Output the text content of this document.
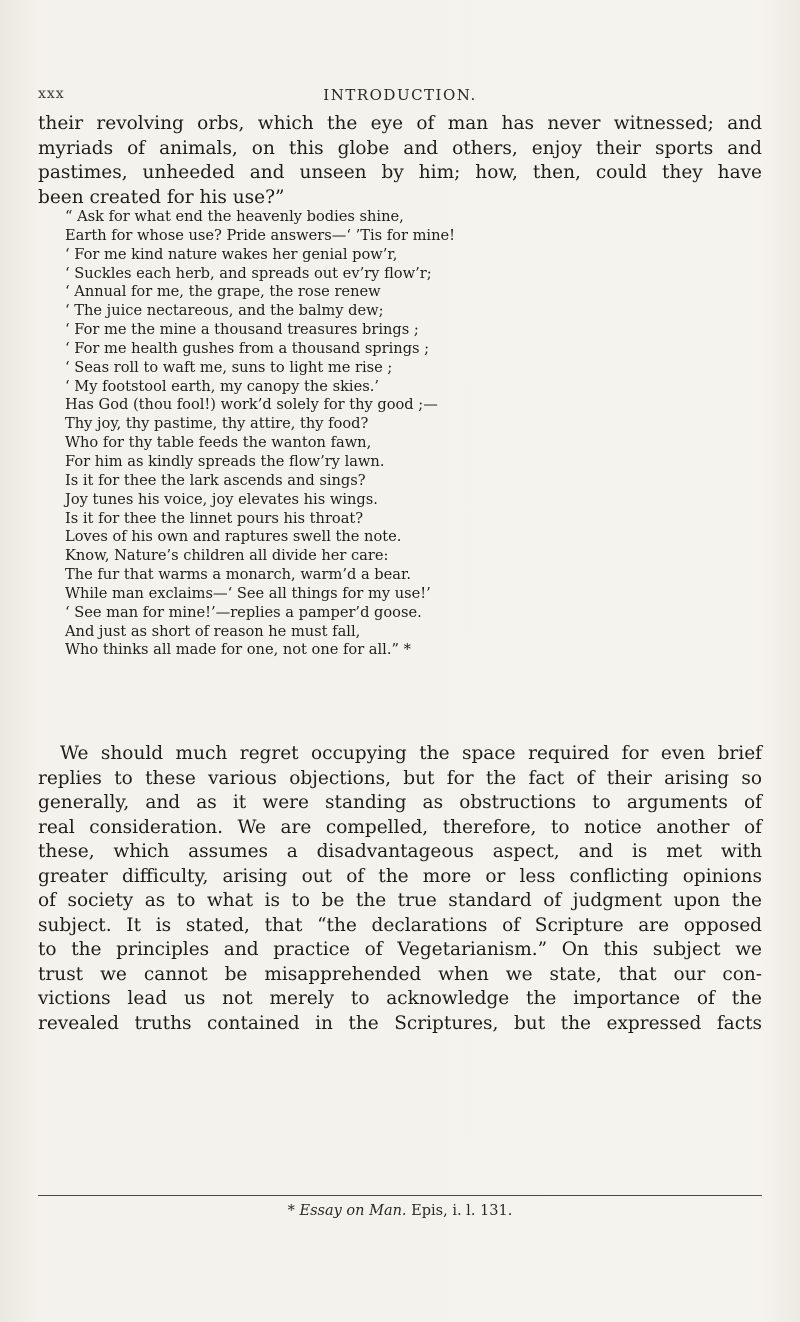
xxx	INTRODUCTION.
their revolving orbs, which the eye of man has never witnessed; and
myriads of animals, on this globe and others, enjoy their sports and
pastimes, unheeded and unseen by him; how, then, could they have
been created for his use?”
“ Ask for what end the heavenly bodies shine,
Earth for whose use? Pride answers—‘ ’Tis for mine!
‘ For me kind nature wakes her genial pow’r,
‘ Suckles each herb, and spreads out ev’ry flow’r;
‘ Annual for me, the grape, the rose renew
‘ The juice nectareous, and the balmy dew;
‘ For me the mine a thousand treasures brings ;
‘ For me health gushes from a thousand springs ;
‘ Seas roll to waft me, suns to light me rise ;
‘ My footstool earth, my canopy the skies.’
Has God (thou fool!) work’d solely for thy good ;—
Thy joy, thy pastime, thy attire, thy food?
Who for thy table feeds the wanton fawn,
For him as kindly spreads the flow’ry lawn.
Is it for thee the lark ascends and sings?
Joy tunes his voice, joy elevates his wings.
Is it for thee the linnet pours his throat?
Loves of his own and raptures swell the note.
Know, Nature’s children all divide her care:
The fur that warms a monarch, warm’d a bear.
While man exclaims—‘ See all things for my use!’
‘ See man for mine!’—replies a pamper’d goose.
And just as short of reason he must fall,
Who thinks all made for one, not one for all.” *
We should much regret occupying the space required for even brief
replies to these various objections, but for the fact of their arising so
generally, and as it were standing as obstructions to arguments of
real consideration. We are compelled, therefore, to notice another of
these, which assumes a disadvantageous aspect, and is met with
greater difficulty, arising out of the more or less conflicting opinions
of society as to what is to be the true standard of judgment upon the
subject. It is stated, that “the declarations of Scripture are opposed
to the principles and practice of Vegetarianism.” On this subject we
trust we cannot be misapprehended when we state, that our con-
victions lead us not merely to acknowledge the importance of the
revealed truths contained in the Scriptures, but the expressed facts
* Essay on Man. Epis, i. l. 131.
